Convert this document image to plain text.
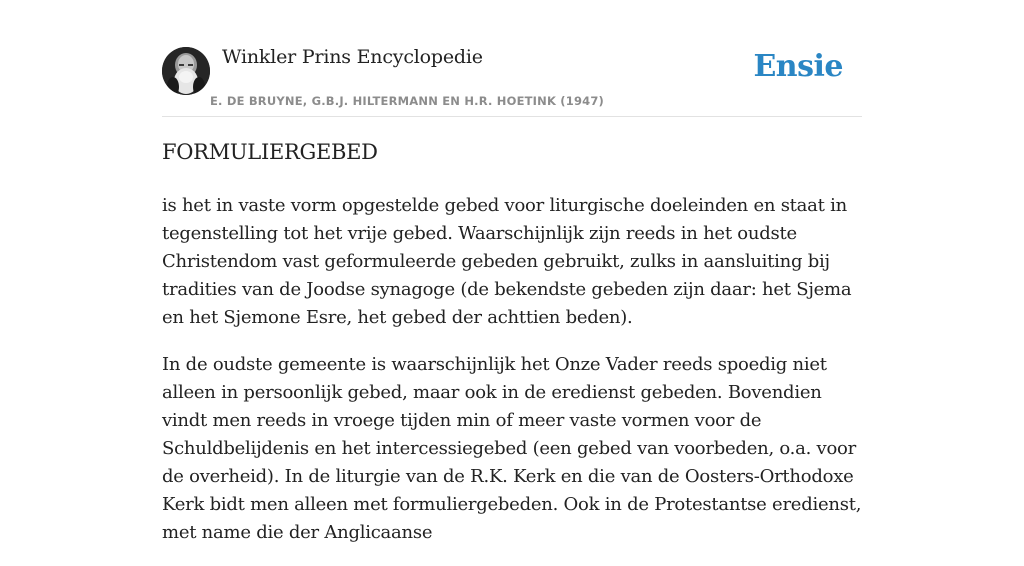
Winkler Prins Encyclopedie
E. DE BRUYNE, G.B.J. HILTERMANN EN H.R. HOETINK (1947)
Ensie
FORMULIERGEBED

is het in vaste vorm opgestelde gebed voor liturgische doeleinden en staat in tegenstelling tot het vrije gebed. Waarschijnlijk zijn reeds in het oudste Christendom vast geformuleerde gebeden gebruikt, zulks in aansluiting bij tradities van de Joodse synagoge (de bekendste gebeden zijn daar: het Sjema en het Sjemone Esre, het gebed der achttien beden).

In de oudste gemeente is waarschijnlijk het Onze Vader reeds spoedig niet alleen in persoonlijk gebed, maar ook in de eredienst gebeden. Bovendien vindt men reeds in vroege tijden min of meer vaste vormen voor de Schuldbelijdenis en het intercessiegebed (een gebed van voorbeden, o.a. voor de overheid). In de liturgie van de R.K. Kerk en die van de Oosters-Orthodoxe Kerk bidt men alleen met formuliergebeden. Ook in de Protestantse eredienst, met name die der Anglicaanse
